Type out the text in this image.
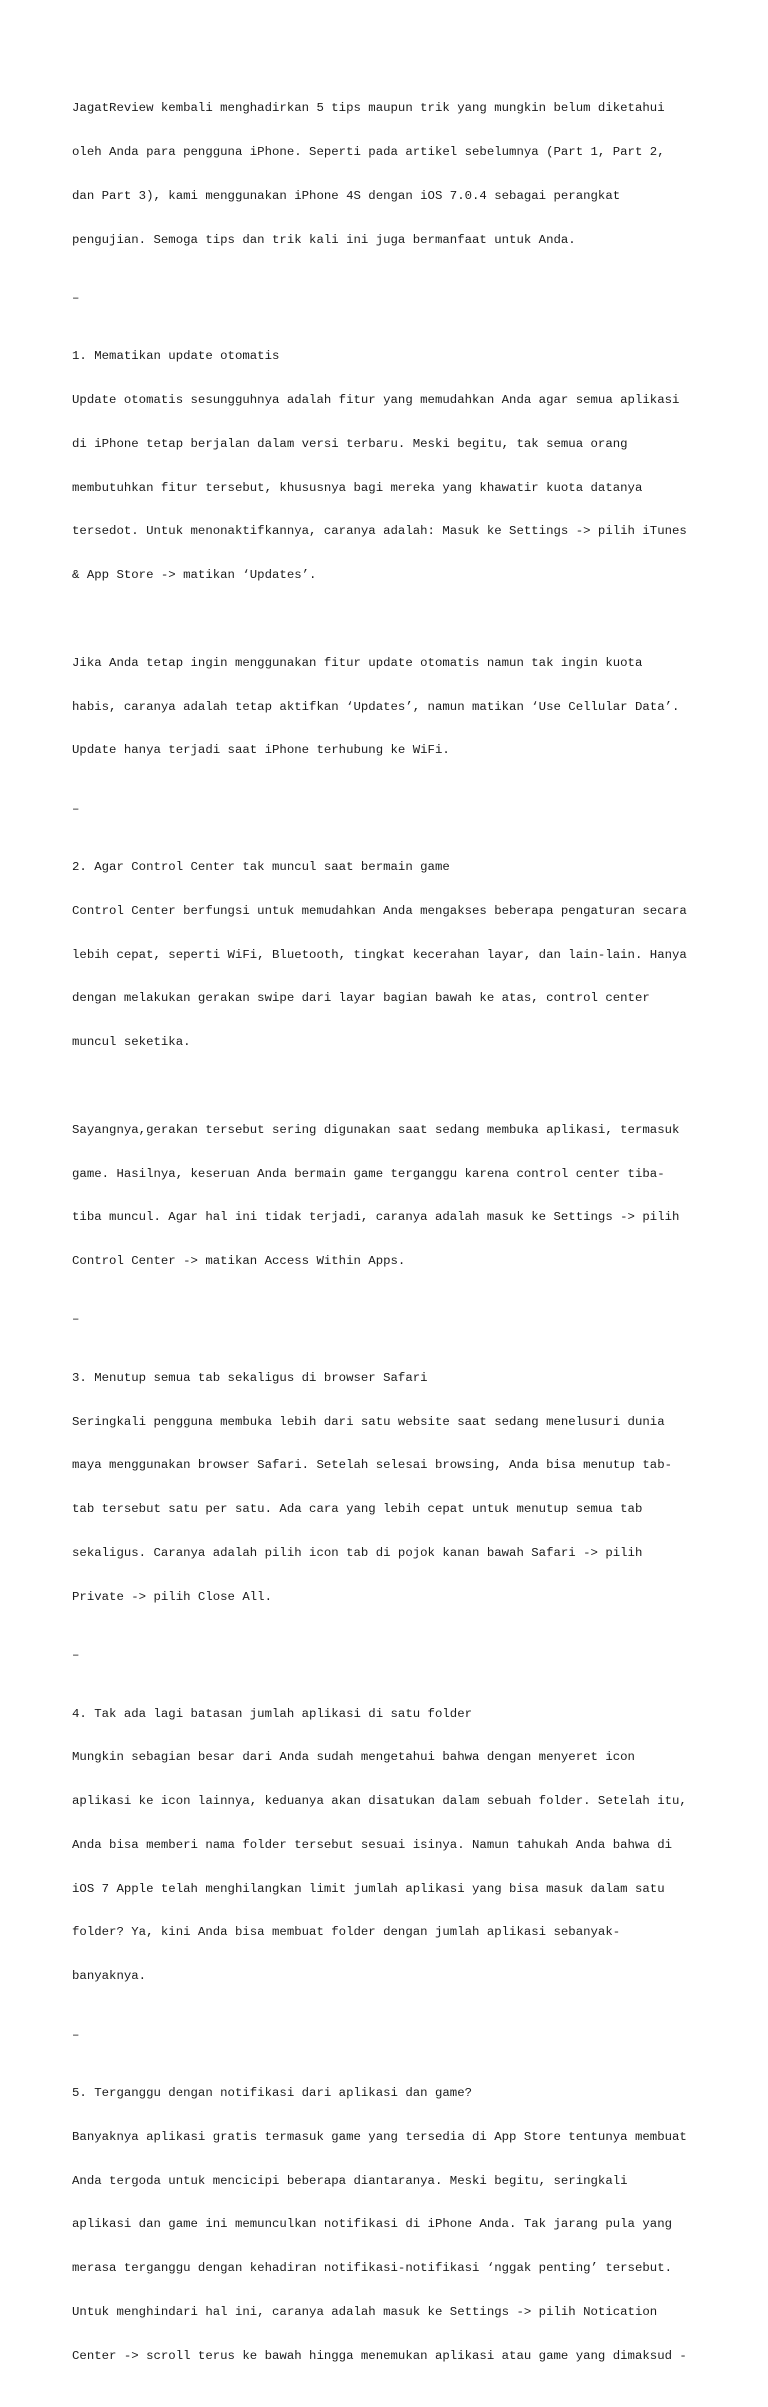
JagatReview kembali menghadirkan 5 tips maupun trik yang mungkin belum diketahui

oleh Anda para pengguna iPhone. Seperti pada artikel sebelumnya (Part 1, Part 2,

dan Part 3), kami menggunakan iPhone 4S dengan iOS 7.0.4 sebagai perangkat

pengujian. Semoga tips dan trik kali ini juga bermanfaat untuk Anda.

–

1. Mematikan update otomatis

Update otomatis sesungguhnya adalah fitur yang memudahkan Anda agar semua aplikasi

di iPhone tetap berjalan dalam versi terbaru. Meski begitu, tak semua orang

membutuhkan fitur tersebut, khususnya bagi mereka yang khawatir kuota datanya

tersedot. Untuk menonaktifkannya, caranya adalah: Masuk ke Settings -> pilih iTunes

& App Store -> matikan ‘Updates’.

Jika Anda tetap ingin menggunakan fitur update otomatis namun tak ingin kuota

habis, caranya adalah tetap aktifkan ‘Updates’, namun matikan ‘Use Cellular Data’.

Update hanya terjadi saat iPhone terhubung ke WiFi.

–

2. Agar Control Center tak muncul saat bermain game

Control Center berfungsi untuk memudahkan Anda mengakses beberapa pengaturan secara

lebih cepat, seperti WiFi, Bluetooth, tingkat kecerahan layar, dan lain-lain. Hanya

dengan melakukan gerakan swipe dari layar bagian bawah ke atas, control center

muncul seketika.

Sayangnya,gerakan tersebut sering digunakan saat sedang membuka aplikasi, termasuk

game. Hasilnya, keseruan Anda bermain game terganggu karena control center tiba-

tiba muncul. Agar hal ini tidak terjadi, caranya adalah masuk ke Settings -> pilih

Control Center -> matikan Access Within Apps.

–

3. Menutup semua tab sekaligus di browser Safari

Seringkali pengguna membuka lebih dari satu website saat sedang menelusuri dunia

maya menggunakan browser Safari. Setelah selesai browsing, Anda bisa menutup tab-

tab tersebut satu per satu. Ada cara yang lebih cepat untuk menutup semua tab

sekaligus. Caranya adalah pilih icon tab di pojok kanan bawah Safari -> pilih

Private -> pilih Close All.

–

4. Tak ada lagi batasan jumlah aplikasi di satu folder

Mungkin sebagian besar dari Anda sudah mengetahui bahwa dengan menyeret icon

aplikasi ke icon lainnya, keduanya akan disatukan dalam sebuah folder. Setelah itu,

Anda bisa memberi nama folder tersebut sesuai isinya. Namun tahukah Anda bahwa di

iOS 7 Apple telah menghilangkan limit jumlah aplikasi yang bisa masuk dalam satu

folder? Ya, kini Anda bisa membuat folder dengan jumlah aplikasi sebanyak-

banyaknya.

–

5. Terganggu dengan notifikasi dari aplikasi dan game?

Banyaknya aplikasi gratis termasuk game yang tersedia di App Store tentunya membuat

Anda tergoda untuk mencicipi beberapa diantaranya. Meski begitu, seringkali

aplikasi dan game ini memunculkan notifikasi di iPhone Anda. Tak jarang pula yang

merasa terganggu dengan kehadiran notifikasi-notifikasi ‘nggak penting’ tersebut.

Untuk menghindari hal ini, caranya adalah masuk ke Settings -> pilih Notication

Center -> scroll terus ke bawah hingga menemukan aplikasi atau game yang dimaksud -
